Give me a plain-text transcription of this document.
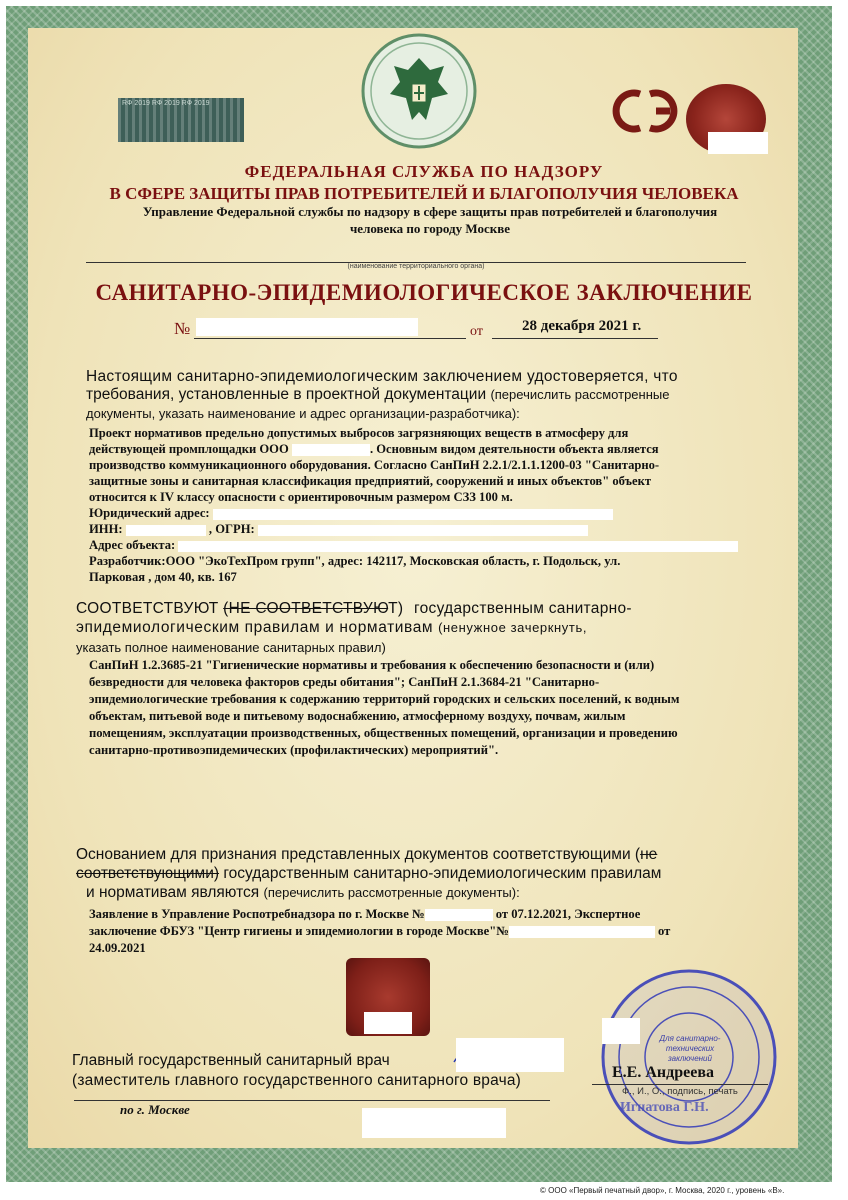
RФ 2019 RФ 2019 RФ 2019
ФЕДЕРАЛЬНАЯ СЛУЖБА ПО НАДЗОРУ
В СФЕРЕ ЗАЩИТЫ ПРАВ ПОТРЕБИТЕЛЕЙ И БЛАГОПОЛУЧИЯ ЧЕЛОВЕКА
Управление Федеральной службы по надзору в сфере защиты прав потребителей и благополучия
человека по городу Москве
(наименование территориального органа)
САНИТАРНО-ЭПИДЕМИОЛОГИЧЕСКОЕ ЗАКЛЮЧЕНИЕ
№	от	28 декабря 2021 г.
Настоящим санитарно-эпидемиологическим заключением удостоверяется, что
требования, установленные в проектной документации (перечислить рассмотренные
документы, указать наименование и адрес организации-разработчика):
Проект нормативов предельно допустимых выбросов загрязняющих веществ в атмосферу для
действующей промплощадки ООО	. Основным видом деятельности объекта является
производство коммуникационного оборудования. Согласно СанПиН 2.2.1/2.1.1.1200-03 "Санитарно-
защитные зоны и санитарная классификация предприятий, сооружений и иных объектов" объект
относится к IV классу опасности с ориентировочным размером СЗЗ 100 м.
Юридический адрес:
ИНН:	, ОГРН:
Адрес объекта:
Разработчик:ООО "ЭкоТехПром групп", адрес: 142117, Московская область, г. Подольск, ул.
Парковая , дом 40, кв. 167
СООТВЕТСТВУЮТ (НЕ СООТВЕТСТВУЮТ) государственным санитарно-
эпидемиологическим правилам и нормативам (ненужное зачеркнуть,
указать полное наименование санитарных правил)
СанПиН 1.2.3685-21 "Гигиенические нормативы и требования к обеспечению безопасности и (или)
безвредности для человека факторов среды обитания"; СанПиН 2.1.3684-21 "Санитарно-
эпидемиологические требования к содержанию территорий городских и сельских поселений, к водным
объектам, питьевой воде и питьевому водоснабжению, атмосферному воздуху, почвам, жилым
помещениям, эксплуатации производственных, общественных помещений, организации и проведению
санитарно-противоэпидемических (профилактических) мероприятий".
Основанием для признания представленных документов соответствующими (не
соответствующими) государственным санитарно-эпидемиологическим правилам
и нормативам являются (перечислить рассмотренные документы):
Заявление в Управление Роспотребнадзора по г. Москве №	от 07.12.2021, Экспертное
заключение ФБУЗ "Центр гигиены и эпидемиологии в городе Москве"№	от
24.09.2021
Для санитарно-технических заключений
Главный государственный санитарный врач
(заместитель главного государственного санитарного врача)	Е.Е. Андреева
Ф., И., О., подпись, печать
Игнатова Г.Н.
по г. Москве
© ООО «Первый печатный двор», г. Москва, 2020 г., уровень «В».
